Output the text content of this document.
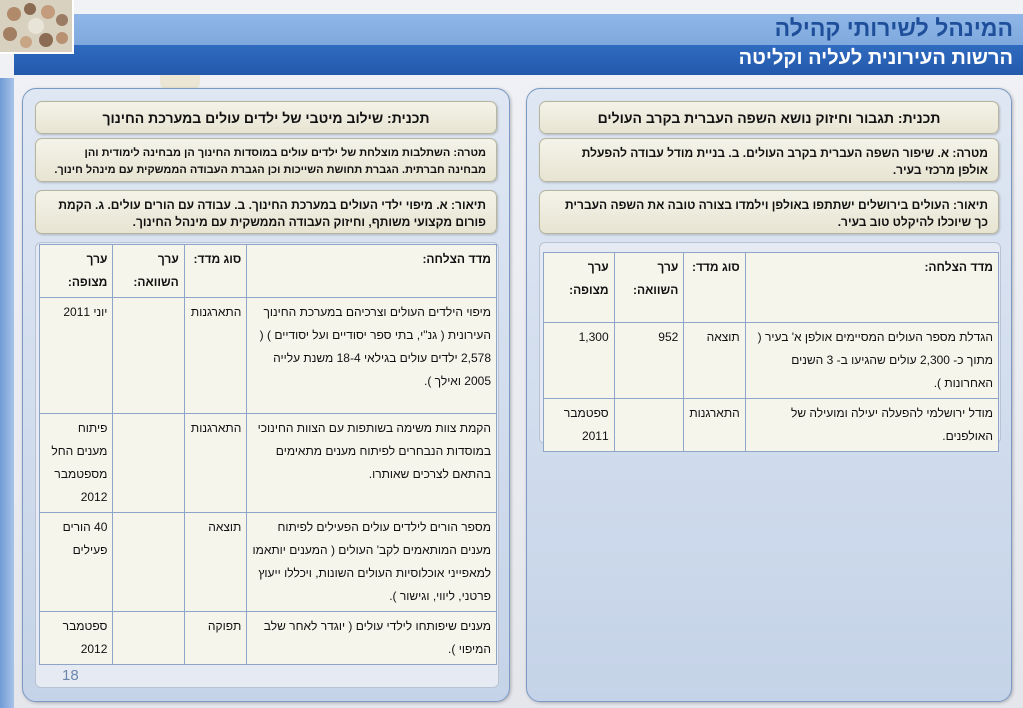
המינהל לשירותי קהילה
הרשות העירונית לעליה וקליטה
תכנית: תגבור וחיזוק נושא השפה העברית בקרב העולים
מטרה: א. שיפור השפה העברית בקרב העולים. ב. בניית מודל עבודה להפעלת אולפן מרכזי בעיר.
תיאור: העולים בירושלים ישתתפו באולפן וילמדו בצורה טובה את השפה העברית כך שיוכלו להיקלט טוב בעיר.
מדד הצלחה:	סוג מדד:	ערך השוואה:	ערך מצופה:
הגדלת מספר העולים המסיימים אולפן א' בעיר ( מתוך כ- 2,300 עולים שהגיעו ב- 3 השנים האחרונות ).	תוצאה	952	1,300
מודל ירושלמי להפעלה יעילה ומועילה של האולפנים.	התארגנות		ספטמבר 2011
תכנית: שילוב מיטבי של ילדים עולים במערכת החינוך
מטרה: השתלבות מוצלחת של ילדים עולים במוסדות החינוך הן מבחינה לימודית והן מבחינה חברתית. הגברת תחושת השייכות וכן הגברת העבודה הממשקית עם מינהל חינוך.
תיאור: א. מיפוי ילדי העולים במערכת החינוך. ב. עבודה עם הורים עולים. ג. הקמת פורום מקצועי משותף, וחיזוק העבודה הממשקית עם מינהל החינוך.
מדד הצלחה:	סוג מדד:	ערך השוואה:	ערך מצופה:
מיפוי הילדים העולים וצרכיהם במערכת החינוך העירונית ( גנ"י, בתי ספר יסודיים ועל יסודיים ) ( 2,578 ילדים עולים בגילאי 18-4 משנת עלייה 2005 ואילך ).	התארגנות		יוני 2011
הקמת צוות משימה בשותפות עם הצוות החינוכי במוסדות הנבחרים לפיתוח מענים מתאימים בהתאם לצרכים שאותרו.	התארגנות		פיתוח מענים החל מספטמבר 2012
מספר הורים לילדים עולים הפעילים לפיתוח מענים המותאמים לקב' העולים ( המענים יותאמו למאפייני אוכלוסיות העולים השונות, ויכללו ייעוץ פרטני, ליווי, וגישור ).	תוצאה		40 הורים פעילים
מענים שיפותחו לילדי עולים ( יוגדר לאחר שלב המיפוי ).	תפוקה		ספטמבר 2012
18
